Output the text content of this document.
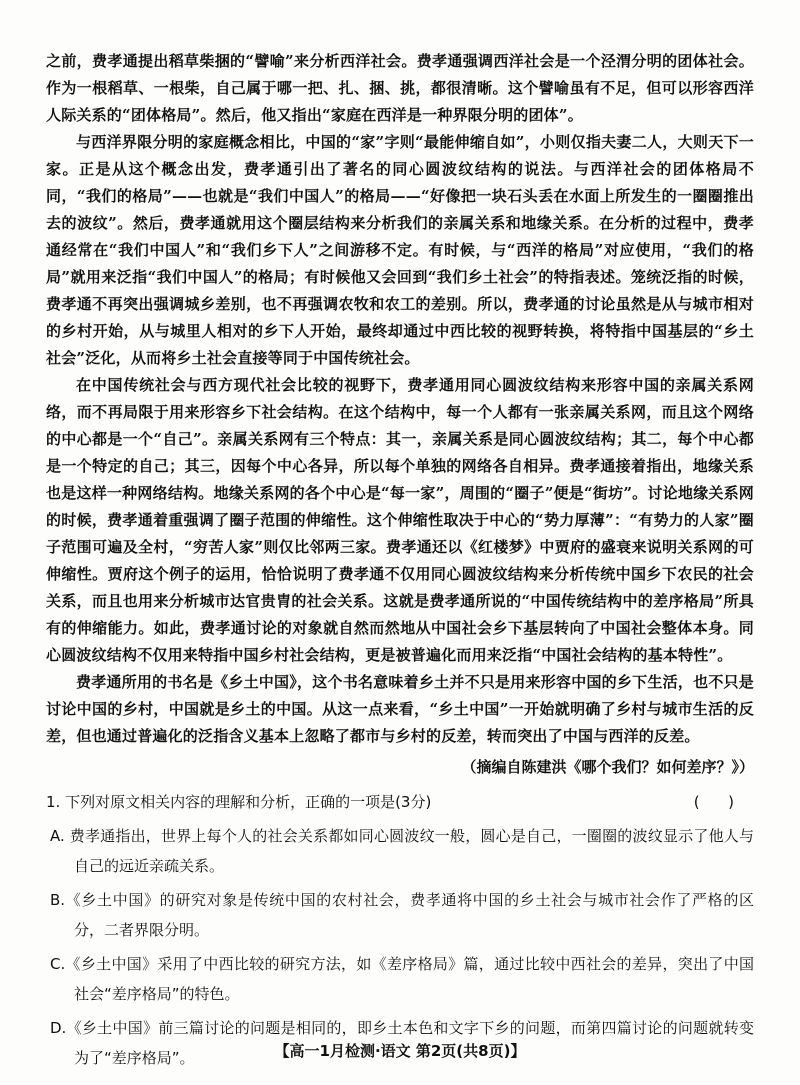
之前，费孝通提出稻草柴捆的“譬喻”来分析西洋社会。费孝通强调西洋社会是一个泾渭分明的团体社会。作为一根稻草、一根柴，自己属于哪一把、扎、捆、挑，都很清晰。这个譬喻虽有不足，但可以形容西洋人际关系的“团体格局”。然后，他又指出“家庭在西洋是一种界限分明的团体”。

与西洋界限分明的家庭概念相比，中国的“家”字则“最能伸缩自如”，小则仅指夫妻二人，大则天下一家。正是从这个概念出发，费孝通引出了著名的同心圆波纹结构的说法。与西洋社会的团体格局不同，“我们的格局”——也就是“我们中国人”的格局——“好像把一块石头丢在水面上所发生的一圈圈推出去的波纹”。然后，费孝通就用这个圈层结构来分析我们的亲属关系和地缘关系。在分析的过程中，费孝通经常在“我们中国人”和“我们乡下人”之间游移不定。有时候，与“西洋的格局”对应使用，“我们的格局”就用来泛指“我们中国人”的格局；有时候他又会回到“我们乡土社会”的特指表述。笼统泛指的时候，费孝通不再突出强调城乡差别，也不再强调农牧和农工的差别。所以，费孝通的讨论虽然是从与城市相对的乡村开始，从与城里人相对的乡下人开始，最终却通过中西比较的视野转换，将特指中国基层的“乡土社会”泛化，从而将乡土社会直接等同于中国传统社会。

在中国传统社会与西方现代社会比较的视野下，费孝通用同心圆波纹结构来形容中国的亲属关系网络，而不再局限于用来形容乡下社会结构。在这个结构中，每一个人都有一张亲属关系网，而且这个网络的中心都是一个“自己”。亲属关系网有三个特点：其一，亲属关系是同心圆波纹结构；其二，每个中心都是一个特定的自己；其三，因每个中心各异，所以每个单独的网络各自相异。费孝通接着指出，地缘关系也是这样一种网络结构。地缘关系网的各个中心是“每一家”，周围的“圈子”便是“街坊”。讨论地缘关系网的时候，费孝通着重强调了圈子范围的伸缩性。这个伸缩性取决于中心的“势力厚薄”：“有势力的人家”圈子范围可遍及全村，“穷苦人家”则仅比邻两三家。费孝通还以《红楼梦》中贾府的盛衰来说明关系网的可伸缩性。贾府这个例子的运用，恰恰说明了费孝通不仅用同心圆波纹结构来分析传统中国乡下农民的社会关系，而且也用来分析城市达官贵胄的社会关系。这就是费孝通所说的“中国传统结构中的差序格局”所具有的伸缩能力。如此，费孝通讨论的对象就自然而然地从中国社会乡下基层转向了中国社会整体本身。同心圆波纹结构不仅用来特指中国乡村社会结构，更是被普遍化而用来泛指“中国社会结构的基本特性”。

费孝通所用的书名是《乡土中国》，这个书名意味着乡土并不只是用来形容中国的乡下生活，也不只是讨论中国的乡村，中国就是乡土的中国。从这一点来看，“乡土中国”一开始就明确了乡村与城市生活的反差，但也通过普遍化的泛指含义基本上忽略了都市与乡村的反差，转而突出了中国与西洋的反差。

（摘编自陈建洪《哪个我们？如何差序？》）

1. 下列对原文相关内容的理解和分析，正确的一项是(3分)	(      )

A. 费孝通指出，世界上每个人的社会关系都如同心圆波纹一般，圆心是自己，一圈圈的波纹显示了他人与自己的远近亲疏关系。

B.《乡土中国》的研究对象是传统中国的农村社会，费孝通将中国的乡土社会与城市社会作了严格的区分，二者界限分明。

C.《乡土中国》采用了中西比较的研究方法，如《差序格局》篇，通过比较中西社会的差异，突出了中国社会“差序格局”的特色。

D.《乡土中国》前三篇讨论的问题是相同的，即乡土本色和文字下乡的问题，而第四篇讨论的问题就转变为了“差序格局”。	【高一1月检测·语文 第2页(共8页)】
